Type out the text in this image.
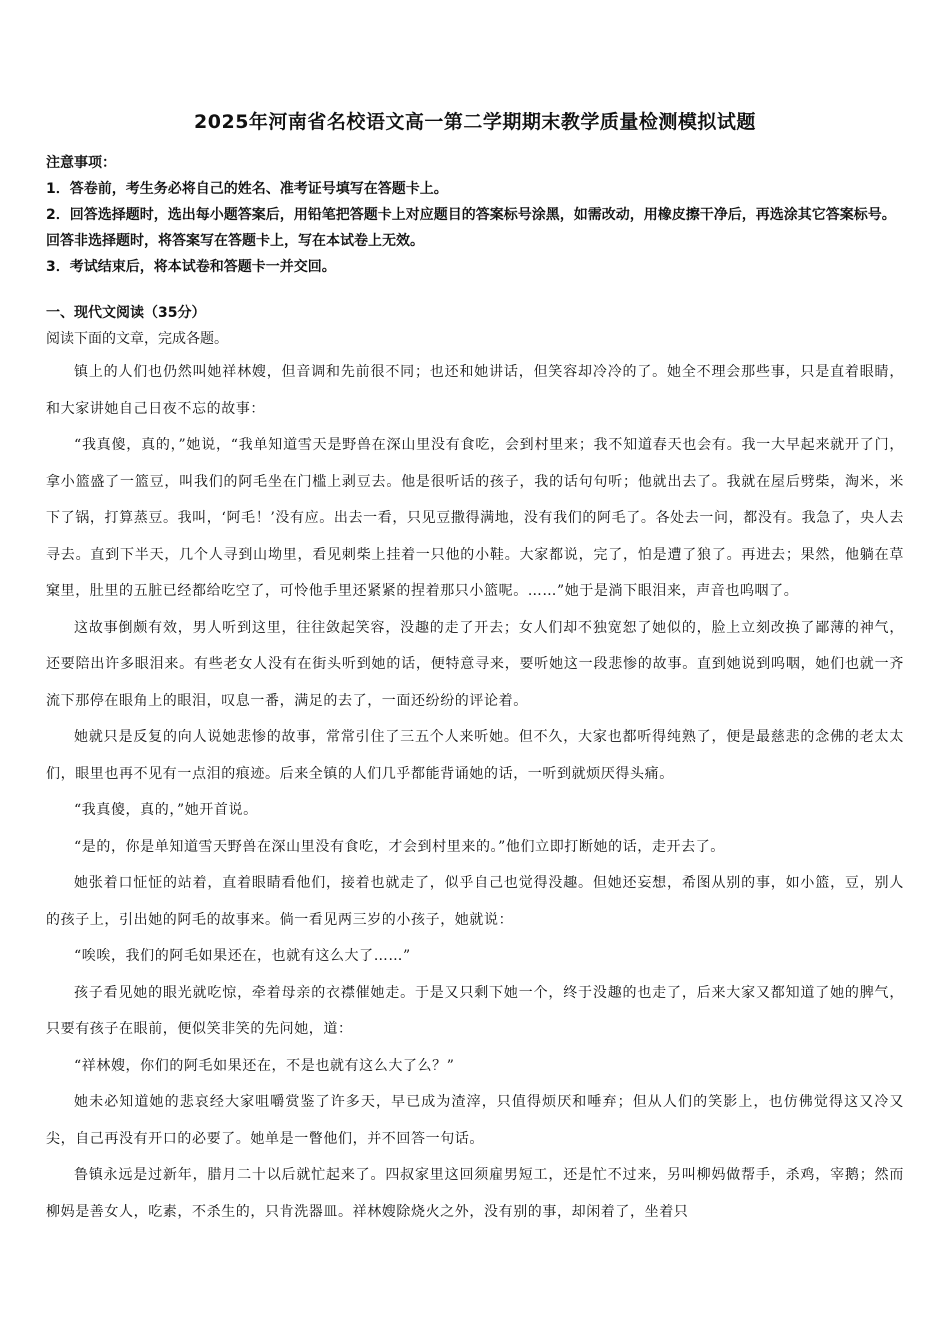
2025年河南省名校语文高一第二学期期末教学质量检测模拟试题

注意事项：

1．答卷前，考生务必将自己的姓名、准考证号填写在答题卡上。

2．回答选择题时，选出每小题答案后，用铅笔把答题卡上对应题目的答案标号涂黑，如需改动，用橡皮擦干净后，再选涂其它答案标号。回答非选择题时，将答案写在答题卡上，写在本试卷上无效。

3．考试结束后，将本试卷和答题卡一并交回。

一、现代文阅读（35分）

阅读下面的文章，完成各题。

镇上的人们也仍然叫她祥林嫂，但音调和先前很不同；也还和她讲话，但笑容却冷冷的了。她全不理会那些事，只是直着眼睛，和大家讲她自己日夜不忘的故事：

“我真傻，真的，”她说，“我单知道雪天是野兽在深山里没有食吃，会到村里来；我不知道春天也会有。我一大早起来就开了门，拿小篮盛了一篮豆，叫我们的阿毛坐在门槛上剥豆去。他是很听话的孩子，我的话句句听；他就出去了。我就在屋后劈柴，淘米，米下了锅，打算蒸豆。我叫，‘阿毛！’没有应。出去一看，只见豆撒得满地，没有我们的阿毛了。各处去一问，都没有。我急了，央人去寻去。直到下半天，几个人寻到山坳里，看见刺柴上挂着一只他的小鞋。大家都说，完了，怕是遭了狼了。再进去；果然，他躺在草窠里，肚里的五脏已经都给吃空了，可怜他手里还紧紧的捏着那只小篮呢。……”她于是淌下眼泪来，声音也呜咽了。

这故事倒颇有效，男人听到这里，往往敛起笑容，没趣的走了开去；女人们却不独宽恕了她似的，脸上立刻改换了鄙薄的神气，还要陪出许多眼泪来。有些老女人没有在街头听到她的话，便特意寻来，要听她这一段悲惨的故事。直到她说到呜咽，她们也就一齐流下那停在眼角上的眼泪，叹息一番，满足的去了，一面还纷纷的评论着。

她就只是反复的向人说她悲惨的故事，常常引住了三五个人来听她。但不久，大家也都听得纯熟了，便是最慈悲的念佛的老太太们，眼里也再不见有一点泪的痕迹。后来全镇的人们几乎都能背诵她的话，一听到就烦厌得头痛。

“我真傻，真的，”她开首说。

“是的，你是单知道雪天野兽在深山里没有食吃，才会到村里来的。”他们立即打断她的话，走开去了。

她张着口怔怔的站着，直着眼睛看他们，接着也就走了，似乎自己也觉得没趣。但她还妄想，希图从别的事，如小篮，豆，别人的孩子上，引出她的阿毛的故事来。倘一看见两三岁的小孩子，她就说：

“唉唉，我们的阿毛如果还在，也就有这么大了……”

孩子看见她的眼光就吃惊，牵着母亲的衣襟催她走。于是又只剩下她一个，终于没趣的也走了，后来大家又都知道了她的脾气，只要有孩子在眼前，便似笑非笑的先问她，道：

“祥林嫂，你们的阿毛如果还在，不是也就有这么大了么？”

她未必知道她的悲哀经大家咀嚼赏鉴了许多天，早已成为渣滓，只值得烦厌和唾弃；但从人们的笑影上，也仿佛觉得这又冷又尖，自己再没有开口的必要了。她单是一瞥他们，并不回答一句话。

鲁镇永远是过新年，腊月二十以后就忙起来了。四叔家里这回须雇男短工，还是忙不过来，另叫柳妈做帮手，杀鸡，宰鹅；然而柳妈是善女人，吃素，不杀生的，只肯洗器皿。祥林嫂除烧火之外，没有别的事，却闲着了，坐着只
